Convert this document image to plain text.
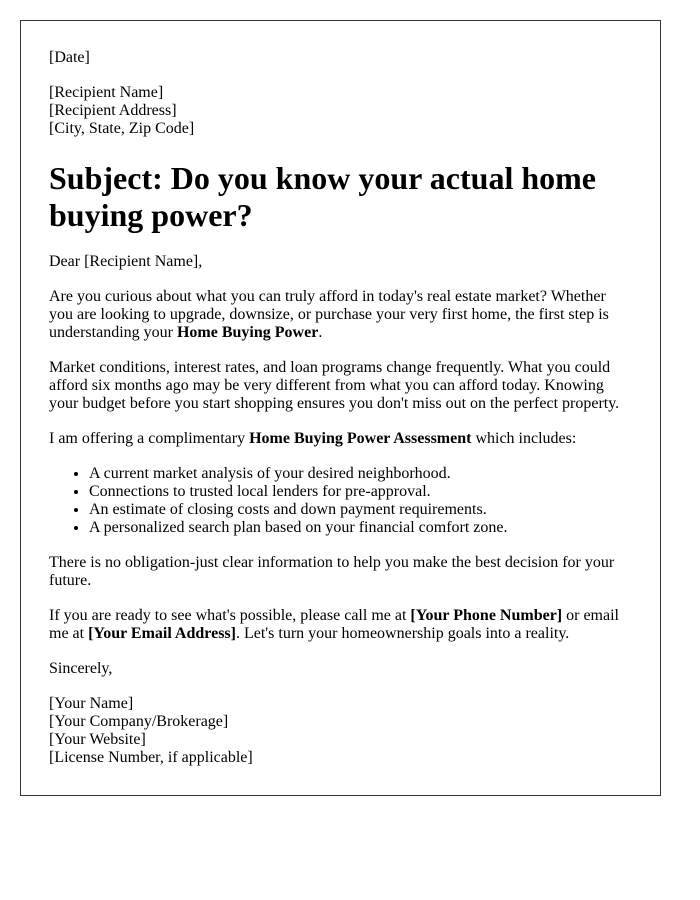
[Date]
[Recipient Name]
[Recipient Address]
[City, State, Zip Code]
Subject: Do you know your actual home buying power?

Dear [Recipient Name],

Are you curious about what you can truly afford in today's real estate market? Whether you are looking to upgrade, downsize, or purchase your very first home, the first step is understanding your Home Buying Power.

Market conditions, interest rates, and loan programs change frequently. What you could afford six months ago may be very different from what you can afford today. Knowing your budget before you start shopping ensures you don't miss out on the perfect property.

I am offering a complimentary Home Buying Power Assessment which includes:

• A current market analysis of your desired neighborhood.
• Connections to trusted local lenders for pre-approval.
• An estimate of closing costs and down payment requirements.
• A personalized search plan based on your financial comfort zone.

There is no obligation-just clear information to help you make the best decision for your future.

If you are ready to see what's possible, please call me at [Your Phone Number] or email me at [Your Email Address]. Let's turn your homeownership goals into a reality.

Sincerely,

[Your Name]
[Your Company/Brokerage]
[Your Website]
[License Number, if applicable]
